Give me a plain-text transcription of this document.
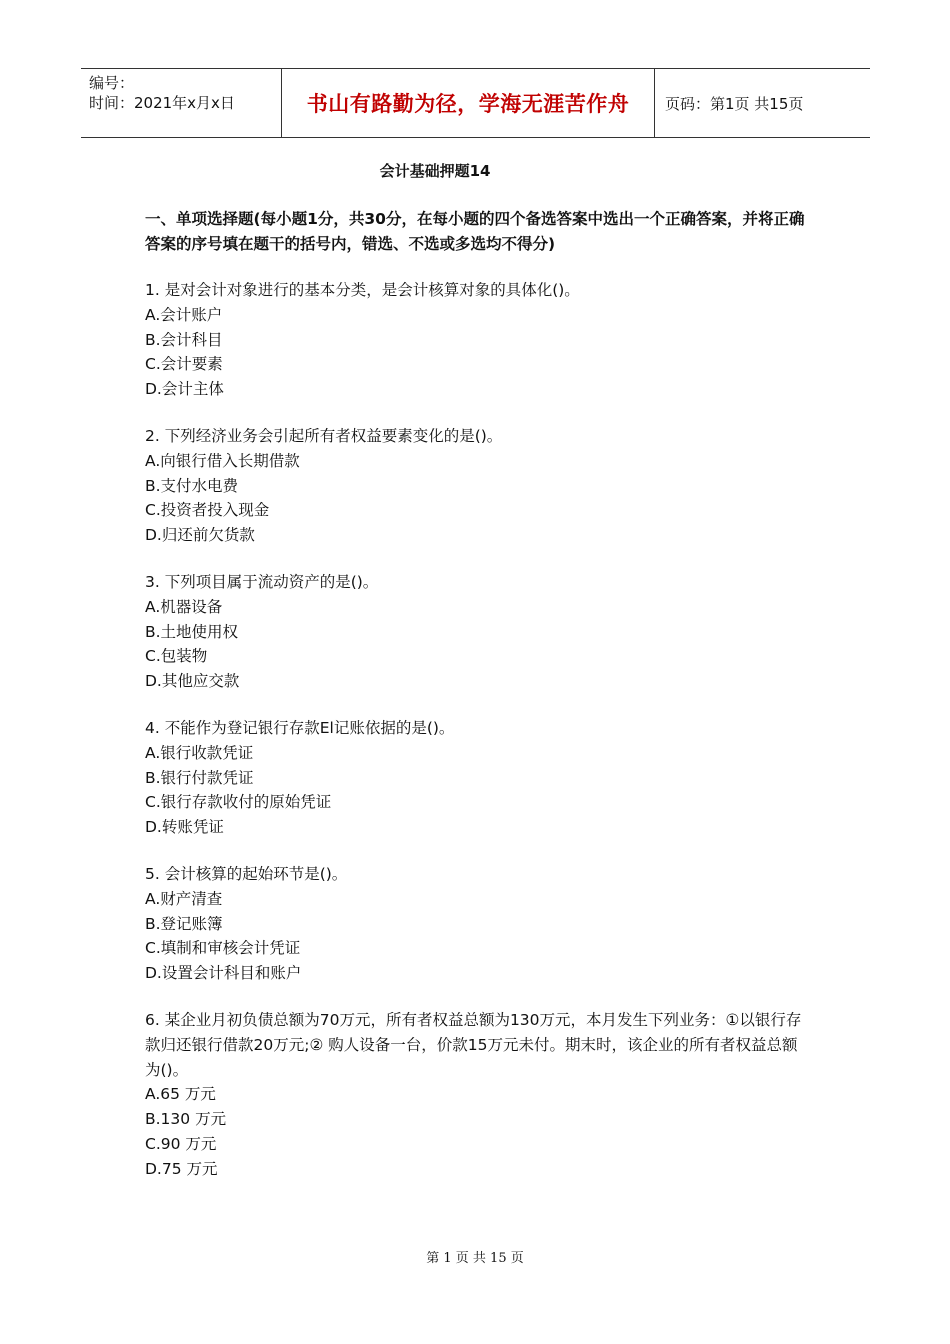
编号：
时间：2021年x月x日	书山有路勤为径，学海无涯苦作舟 页码：第1页 共15页
会计基础押题14
一、单项选择题(每小题1分，共30分，在每小题的四个备选答案中选出一个正确答案，并将正确答案的序号填在题干的括号内，错选、不选或多选均不得分)
1. 是对会计对象进行的基本分类，是会计核算对象的具体化()。
A.会计账户
B.会计科目
C.会计要素
D.会计主体
2. 下列经济业务会引起所有者权益要素变化的是()。
A.向银行借入长期借款
B.支付水电费
C.投资者投入现金
D.归还前欠货款
3. 下列项目属于流动资产的是()。
A.机器设备
B.土地使用权
C.包装物
D.其他应交款
4. 不能作为登记银行存款El记账依据的是()。
A.银行收款凭证
B.银行付款凭证
C.银行存款收付的原始凭证
D.转账凭证
5. 会计核算的起始环节是()。
A.财产清查
B.登记账簿
C.填制和审核会计凭证
D.设置会计科目和账户
6. 某企业月初负债总额为70万元，所有者权益总额为130万元，本月发生下列业务：①以银行存款归还银行借款20万元;② 购人设备一台，价款15万元未付。期末时，该企业的所有者权益总额为()。
A.65 万元
B.130 万元
C.90 万元
D.75 万元
第 1 页 共 15 页
